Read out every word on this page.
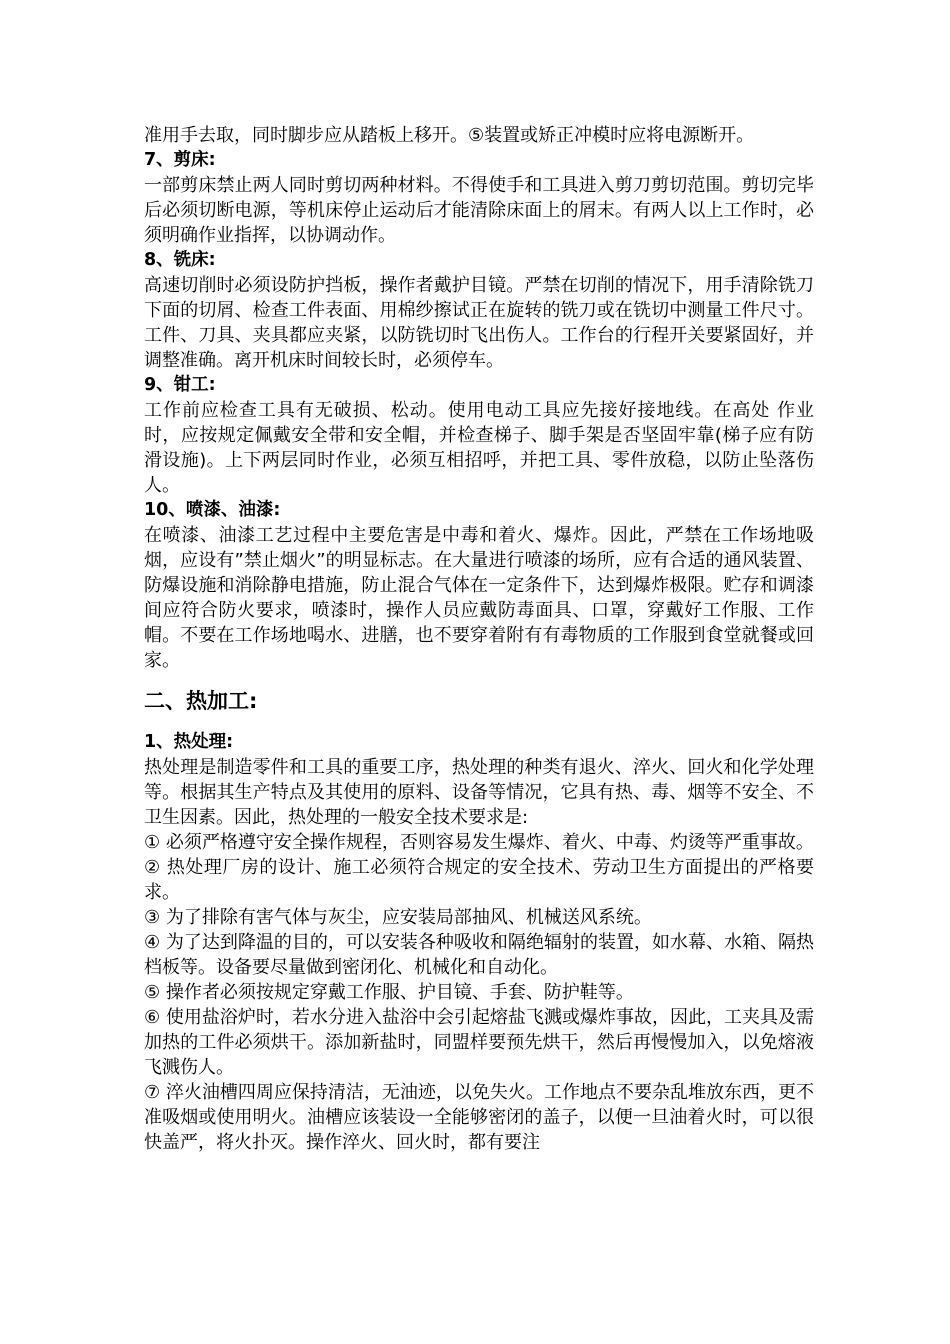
准用手去取，同时脚步应从踏板上移开。⑤装置或矫正冲模时应将电源断开。

7、剪床:

一部剪床禁止两人同时剪切两种材料。不得使手和工具进入剪刀剪切范围。剪切完毕后必须切断电源，等机床停止运动后才能清除床面上的屑末。有两人以上工作时，必须明确作业指挥，以协调动作。

8、铣床:

高速切削时必须设防护挡板，操作者戴护目镜。严禁在切削的情况下，用手清除铣刀下面的切屑、检查工件表面、用棉纱擦试正在旋转的铣刀或在铣切中测量工件尺寸。工件、刀具、夹具都应夹紧，以防铣切时飞出伤人。工作台的行程开关要紧固好，并调整准确。离开机床时间较长时，必须停车。

9、钳工:

工作前应检查工具有无破损、松动。使用电动工具应先接好接地线。在高处 作业时，应按规定佩戴安全带和安全帽，并检查梯子、脚手架是否坚固牢靠(梯子应有防滑设施)。上下两层同时作业，必须互相招呼，并把工具、零件放稳，以防止坠落伤人。

10、喷漆、油漆:

在喷漆、油漆工艺过程中主要危害是中毒和着火、爆炸。因此，严禁在工作场地吸烟，应设有”禁止烟火”的明显标志。在大量进行喷漆的场所，应有合适的通风装置、防爆设施和消除静电措施，防止混合气体在一定条件下，达到爆炸极限。贮存和调漆间应符合防火要求，喷漆时，操作人员应戴防毒面具、口罩，穿戴好工作服、工作帽。不要在工作场地喝水、进膳，也不要穿着附有有毒物质的工作服到食堂就餐或回家。

二、热加工:
1、热处理:

热处理是制造零件和工具的重要工序，热处理的种类有退火、淬火、回火和化学处理等。根据其生产特点及其使用的原料、设备等情况，它具有热、毒、烟等不安全、不卫生因素。因此，热处理的一般安全技术要求是:

① 必须严格遵守安全操作规程，否则容易发生爆炸、着火、中毒、灼烫等严重事故。

② 热处理厂房的设计、施工必须符合规定的安全技术、劳动卫生方面提出的严格要求。

③ 为了排除有害气体与灰尘，应安装局部抽风、机械送风系统。

④ 为了达到降温的目的，可以安装各种吸收和隔绝辐射的装置，如水幕、水箱、隔热档板等。设备要尽量做到密闭化、机械化和自动化。

⑤ 操作者必须按规定穿戴工作服、护目镜、手套、防护鞋等。

⑥ 使用盐浴炉时，若水分进入盐浴中会引起熔盐飞溅或爆炸事故，因此，工夹具及需加热的工件必须烘干。添加新盐时，同盟样要预先烘干，然后再慢慢加入，以免熔液飞溅伤人。

⑦ 淬火油槽四周应保持清洁，无油迹，以免失火。工作地点不要杂乱堆放东西，更不准吸烟或使用明火。油槽应该装设一全能够密闭的盖子，以便一旦油着火时，可以很快盖严，将火扑灭。操作淬火、回火时，都有要注
